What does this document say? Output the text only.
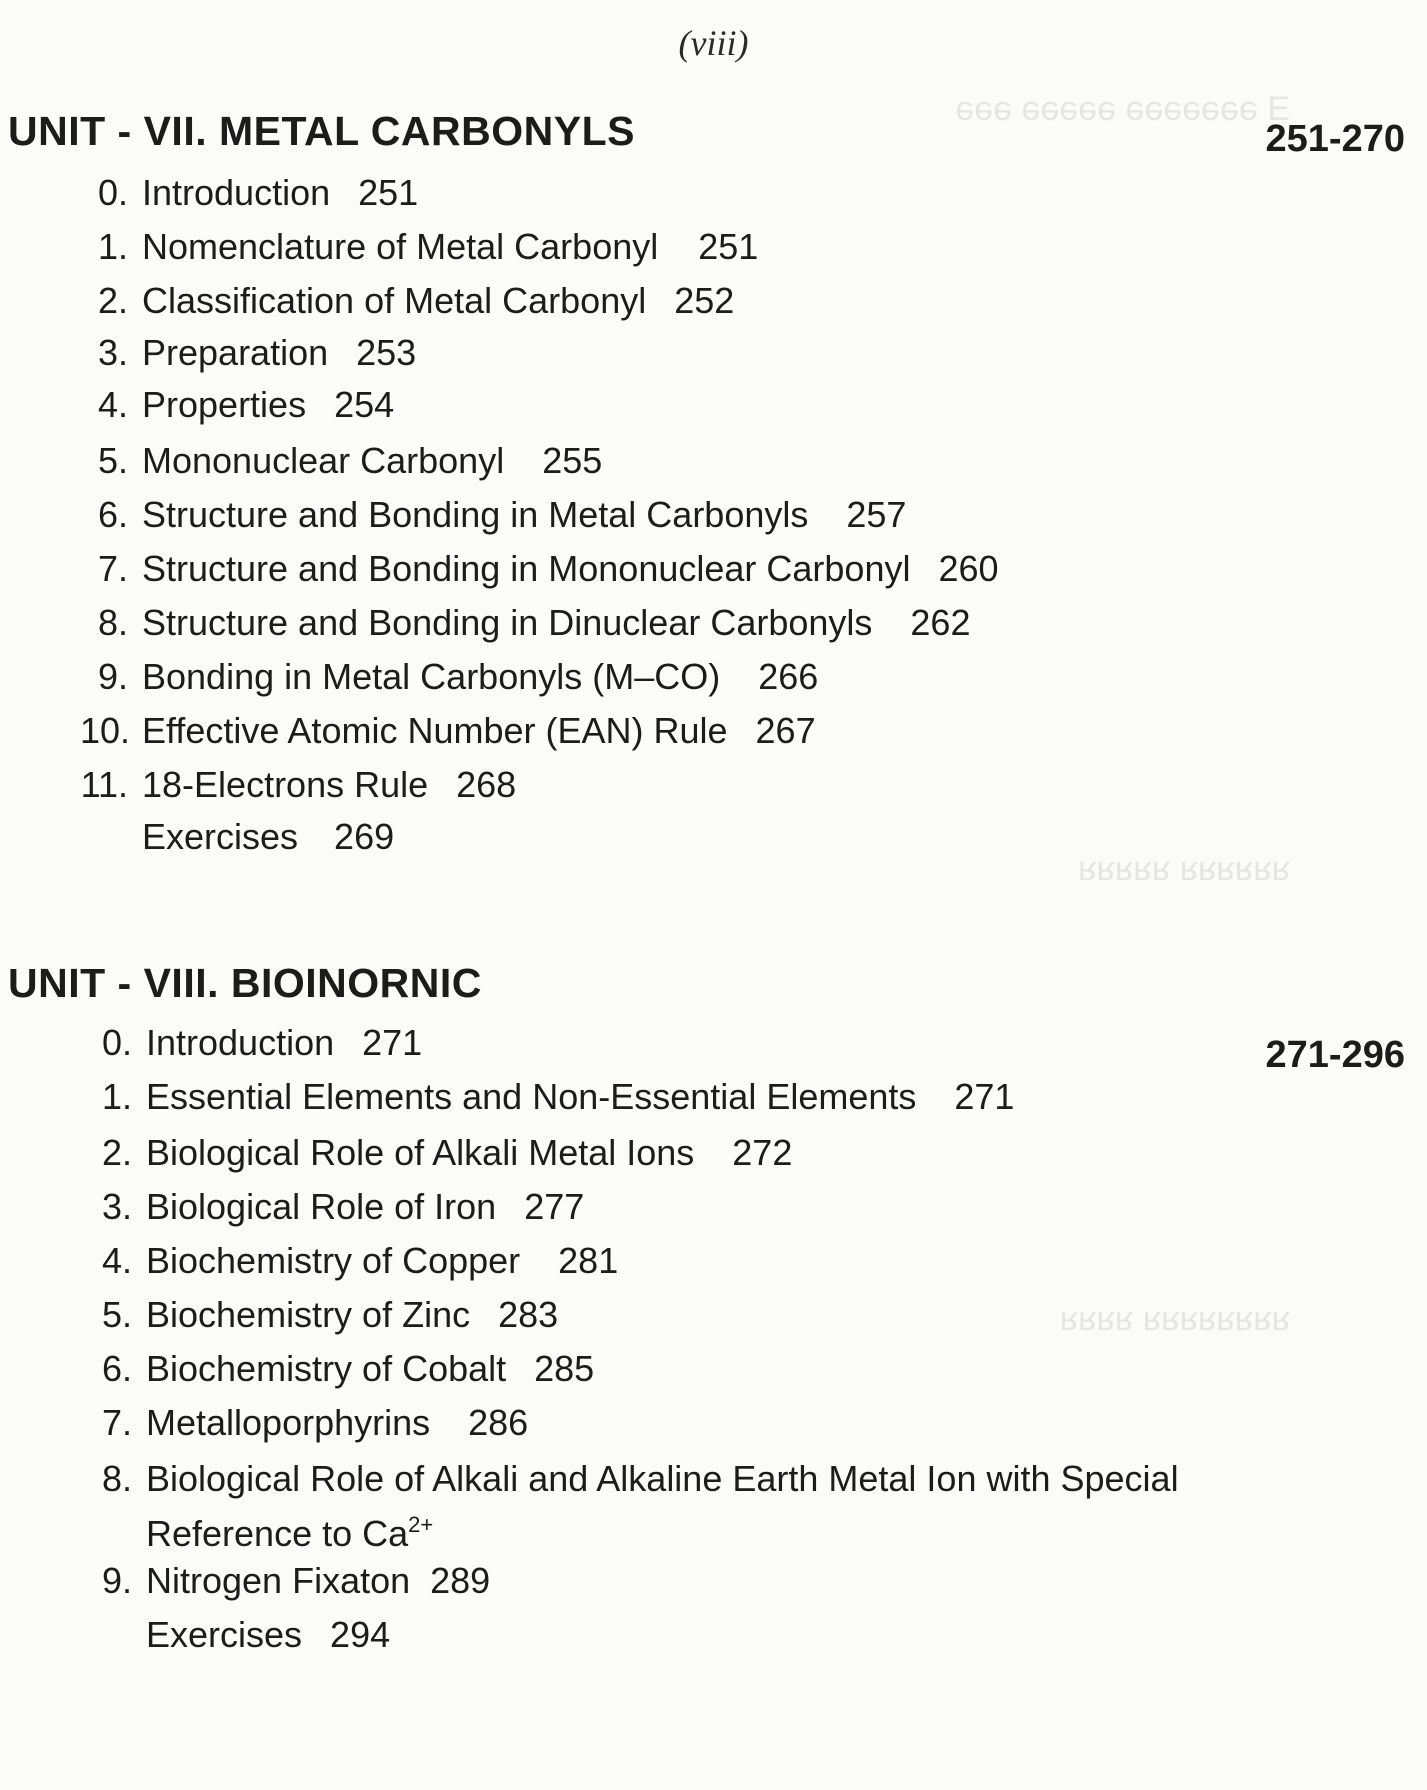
(viii)
Ǝ ǝǝǝǝǝǝǝ ǝǝǝǝǝ ǝǝǝ
ᴚᴚᴚᴚᴚᴚ ᴚᴚᴚᴚᴚ
ᴚᴚᴚᴚᴚᴚᴚᴚ ᴚᴚᴚᴚ
UNIT - VII. METAL CARBONYLS	251-270
0. Introduction 251
1. Nomenclature of Metal Carbonyl 251
2. Classification of Metal Carbonyl 252
3. Preparation 253
4. Properties 254
5. Mononuclear Carbonyl 255
6. Structure and Bonding in Metal Carbonyls 257
7. Structure and Bonding in Mononuclear Carbonyl 260
8. Structure and Bonding in Dinuclear Carbonyls 262
9. Bonding in Metal Carbonyls (M–CO) 266
10. Effective Atomic Number (EAN) Rule 267
11. 18-Electrons Rule 268
Exercises 269
UNIT - VIII. BIOINORNIC
271-296
0. Introduction 271
1. Essential Elements and Non-Essential Elements 271
2. Biological Role of Alkali Metal Ions 272
3. Biological Role of Iron 277
4. Biochemistry of Copper 281
5. Biochemistry of Zinc 283
6. Biochemistry of Cobalt 285
7. Metalloporphyrins 286
8. Biological Role of Alkali and Alkaline Earth Metal Ion with Special
Reference to $Ca^{2+}$
9. Nitrogen Fixaton 289
Exercises 294
